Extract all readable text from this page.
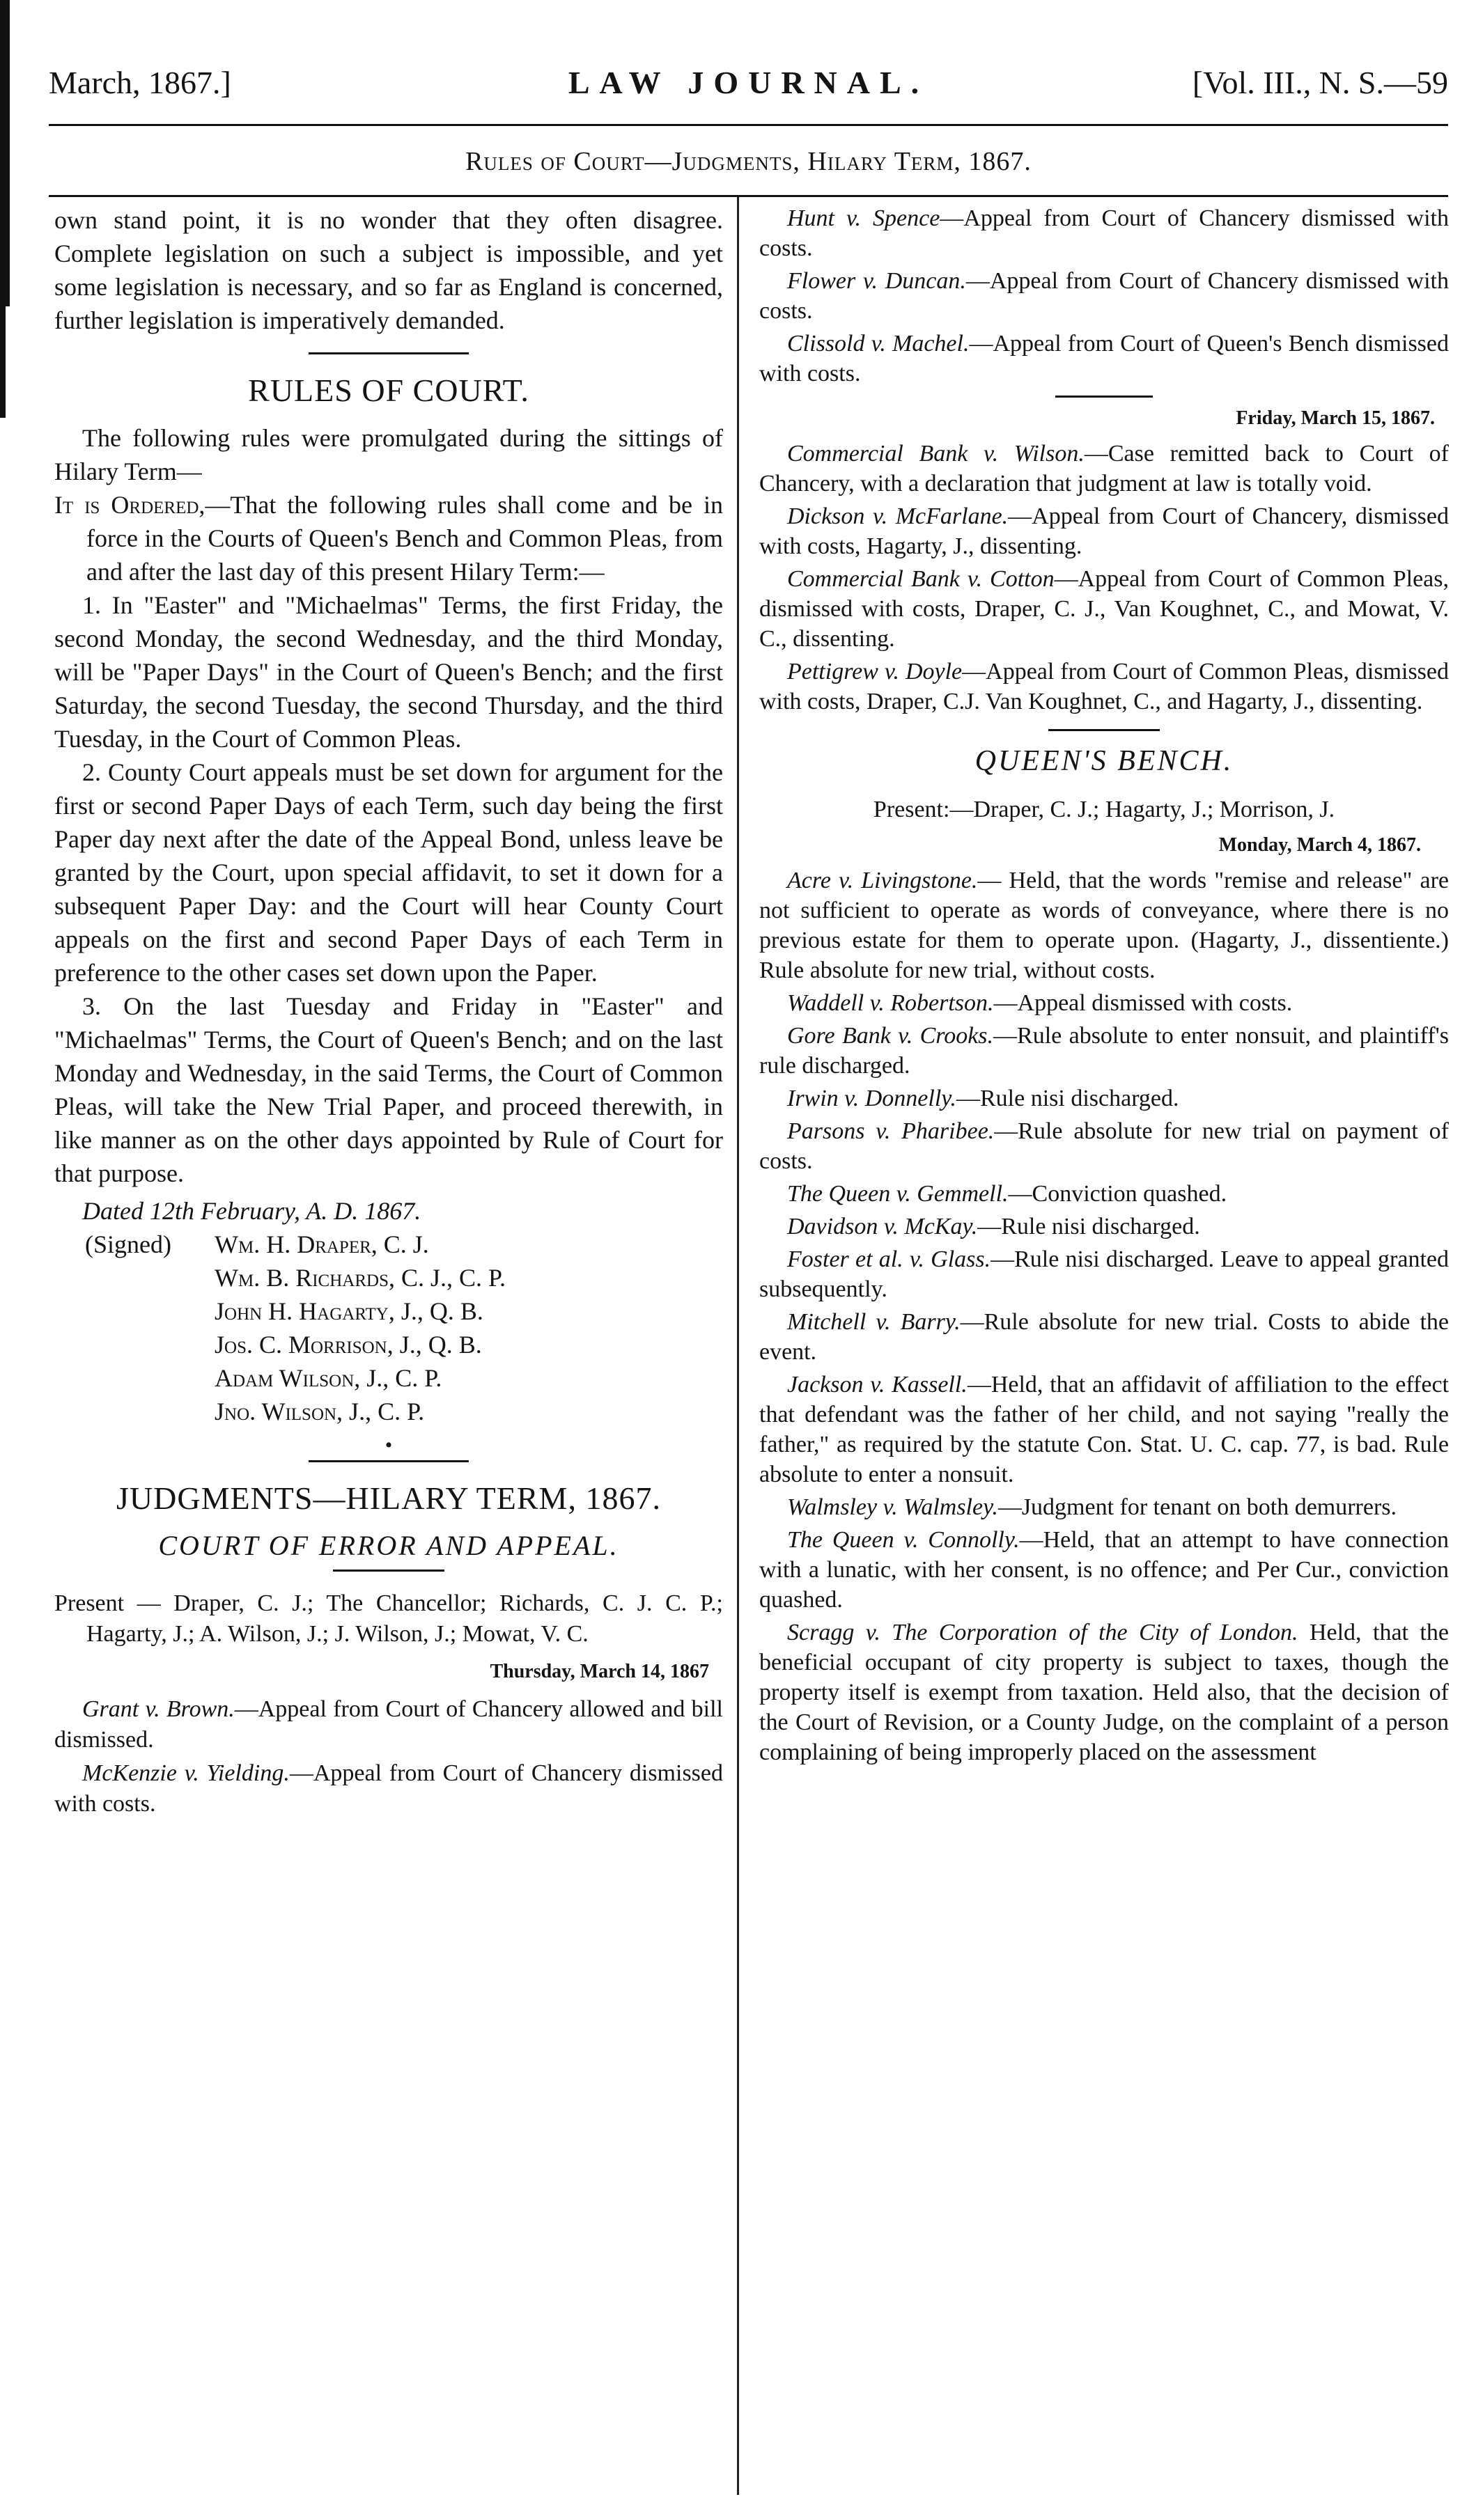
March, 1867.]	LAW JOURNAL.	[Vol. III., N. S.—59
Rules of Court—Judgments, Hilary Term, 1867.

own stand point, it is no wonder that they often disagree. Complete legislation on such a subject is impossible, and yet some legislation is necessary, and so far as England is concerned, further legislation is imperatively demanded.

RULES OF COURT.

The following rules were promulgated during the sittings of Hilary Term—

It is Ordered,—That the following rules shall come and be in force in the Courts of Queen's Bench and Common Pleas, from and after the last day of this present Hilary Term:—

1. In "Easter" and "Michaelmas" Terms, the first Friday, the second Monday, the second Wednesday, and the third Monday, will be "Paper Days" in the Court of Queen's Bench; and the first Saturday, the second Tuesday, the second Thursday, and the third Tuesday, in the Court of Common Pleas.

2. County Court appeals must be set down for argument for the first or second Paper Days of each Term, such day being the first Paper day next after the date of the Appeal Bond, unless leave be granted by the Court, upon special affidavit, to set it down for a subsequent Paper Day: and the Court will hear County Court appeals on the first and second Paper Days of each Term in preference to the other cases set down upon the Paper.

3. On the last Tuesday and Friday in "Easter" and "Michaelmas" Terms, the Court of Queen's Bench; and on the last Monday and Wednesday, in the said Terms, the Court of Common Pleas, will take the New Trial Paper, and proceed therewith, in like manner as on the other days appointed by Rule of Court for that purpose.

Dated 12th February, A. D. 1867.

(Signed)	Wm. H. Draper, C. J.
Wm. B. Richards, C. J., C. P.
John H. Hagarty, J., Q. B.
Jos. C. Morrison, J., Q. B.
Adam Wilson, J., C. P.
Jno. Wilson, J., C. P.
•
JUDGMENTS—HILARY TERM, 1867.
COURT OF ERROR AND APPEAL.

Present — Draper, C. J.; The Chancellor; Richards, C. J. C. P.; Hagarty, J.; A. Wilson, J.; J. Wilson, J.; Mowat, V. C.

Thursday, March 14, 1867
Grant v. Brown.—Appeal from Court of Chancery allowed and bill dismissed.
McKenzie v. Yielding.—Appeal from Court of Chancery dismissed with costs.
Hunt v. Spence—Appeal from Court of Chancery dismissed with costs.
Flower v. Duncan.—Appeal from Court of Chancery dismissed with costs.
Clissold v. Machel.—Appeal from Court of Queen's Bench dismissed with costs.
Friday, March 15, 1867.
Commercial Bank v. Wilson.—Case remitted back to Court of Chancery, with a declaration that judgment at law is totally void.
Dickson v. McFarlane.—Appeal from Court of Chancery, dismissed with costs, Hagarty, J., dissenting.
Commercial Bank v. Cotton—Appeal from Court of Common Pleas, dismissed with costs, Draper, C. J., Van Koughnet, C., and Mowat, V. C., dissenting.
Pettigrew v. Doyle—Appeal from Court of Common Pleas, dismissed with costs, Draper, C.J. Van Koughnet, C., and Hagarty, J., dissenting.
QUEEN'S BENCH.

Present:—Draper, C. J.; Hagarty, J.; Morrison, J.

Monday, March 4, 1867.
Acre v. Livingstone.— Held, that the words "remise and release" are not sufficient to operate as words of conveyance, where there is no previous estate for them to operate upon. (Hagarty, J., dissentiente.) Rule absolute for new trial, without costs.
Waddell v. Robertson.—Appeal dismissed with costs.
Gore Bank v. Crooks.—Rule absolute to enter nonsuit, and plaintiff's rule discharged.
Irwin v. Donnelly.—Rule nisi discharged.
Parsons v. Pharibee.—Rule absolute for new trial on payment of costs.
The Queen v. Gemmell.—Conviction quashed.
Davidson v. McKay.—Rule nisi discharged.
Foster et al. v. Glass.—Rule nisi discharged. Leave to appeal granted subsequently.
Mitchell v. Barry.—Rule absolute for new trial. Costs to abide the event.
Jackson v. Kassell.—Held, that an affidavit of affiliation to the effect that defendant was the father of her child, and not saying "really the father," as required by the statute Con. Stat. U. C. cap. 77, is bad. Rule absolute to enter a nonsuit.
Walmsley v. Walmsley.—Judgment for tenant on both demurrers.
The Queen v. Connolly.—Held, that an attempt to have connection with a lunatic, with her consent, is no offence; and Per Cur., conviction quashed.
Scragg v. The Corporation of the City of London. Held, that the beneficial occupant of city property is subject to taxes, though the property itself is exempt from taxation. Held also, that the decision of the Court of Revision, or a County Judge, on the complaint of a person complaining of being improperly placed on the assessment
